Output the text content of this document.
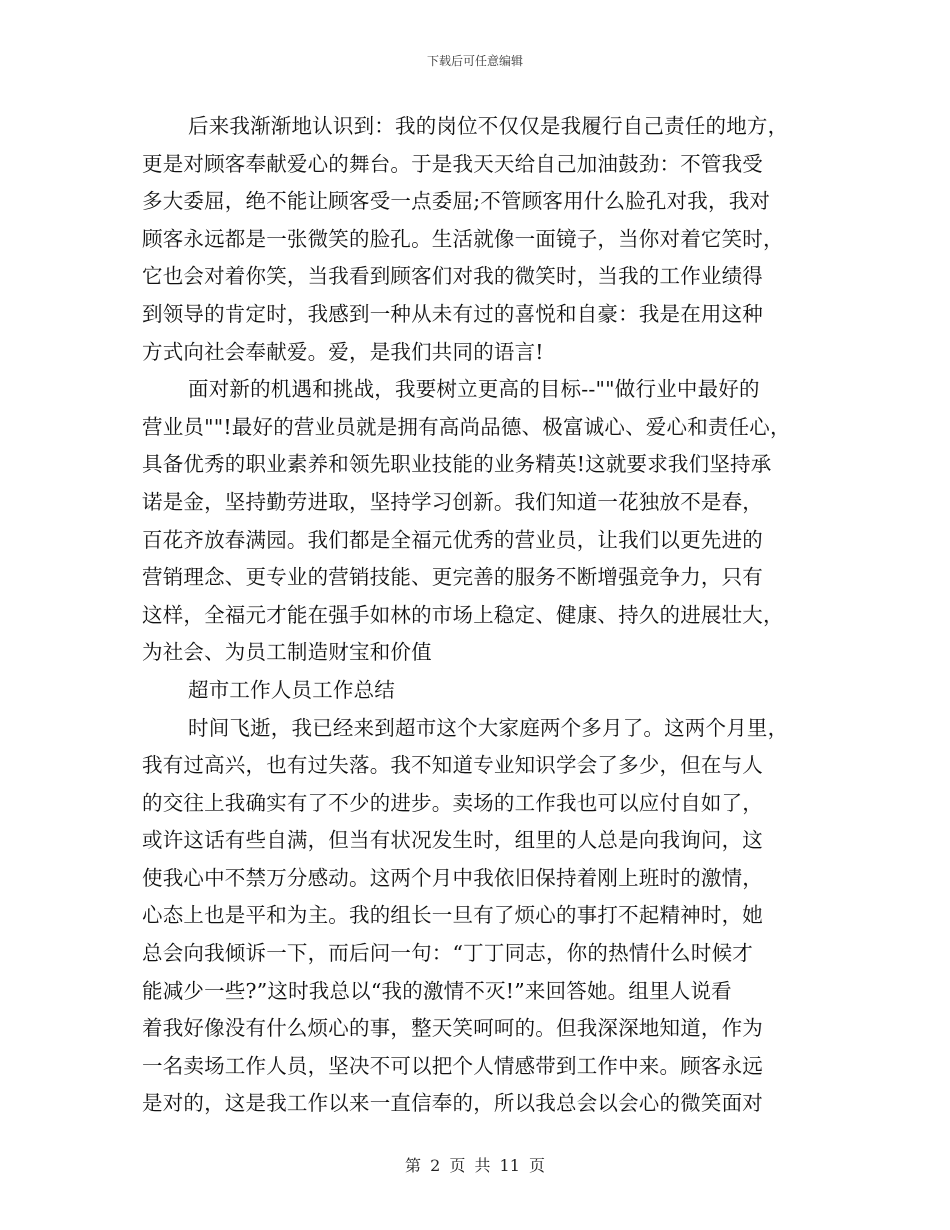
下载后可任意编辑
后来我渐渐地认识到：我的岗位不仅仅是我履行自己责任的地方，
更是对顾客奉献爱心的舞台。于是我天天给自己加油鼓劲：不管我受
多大委屈，绝不能让顾客受一点委屈;不管顾客用什么脸孔对我，我对
顾客永远都是一张微笑的脸孔。生活就像一面镜子，当你对着它笑时，
它也会对着你笑，当我看到顾客们对我的微笑时，当我的工作业绩得
到领导的肯定时，我感到一种从未有过的喜悦和自豪：我是在用这种
方式向社会奉献爱。爱，是我们共同的语言!
面对新的机遇和挑战，我要树立更高的目标--""做行业中最好的
营业员""!最好的营业员就是拥有高尚品德、极富诚心、爱心和责任心，
具备优秀的职业素养和领先职业技能的业务精英!这就要求我们坚持承
诺是金，坚持勤劳进取，坚持学习创新。我们知道一花独放不是春，
百花齐放春满园。我们都是全福元优秀的营业员，让我们以更先进的
营销理念、更专业的营销技能、更完善的服务不断增强竞争力，只有
这样，全福元才能在强手如林的市场上稳定、健康、持久的进展壮大，
为社会、为员工制造财宝和价值
超市工作人员工作总结
时间飞逝，我已经来到超市这个大家庭两个多月了。这两个月里，
我有过高兴，也有过失落。我不知道专业知识学会了多少，但在与人
的交往上我确实有了不少的进步。卖场的工作我也可以应付自如了，
或许这话有些自满，但当有状况发生时，组里的人总是向我询问，这
使我心中不禁万分感动。这两个月中我依旧保持着刚上班时的激情，
心态上也是平和为主。我的组长一旦有了烦心的事打不起精神时，她
总会向我倾诉一下，而后问一句：“丁丁同志，你的热情什么时候才
能减少一些?”这时我总以“我的激情不灭!”来回答她。组里人说看
着我好像没有什么烦心的事，整天笑呵呵的。但我深深地知道，作为
一名卖场工作人员，坚决不可以把个人情感带到工作中来。顾客永远
是对的，这是我工作以来一直信奉的，所以我总会以会心的微笑面对
第 2 页 共 11 页
